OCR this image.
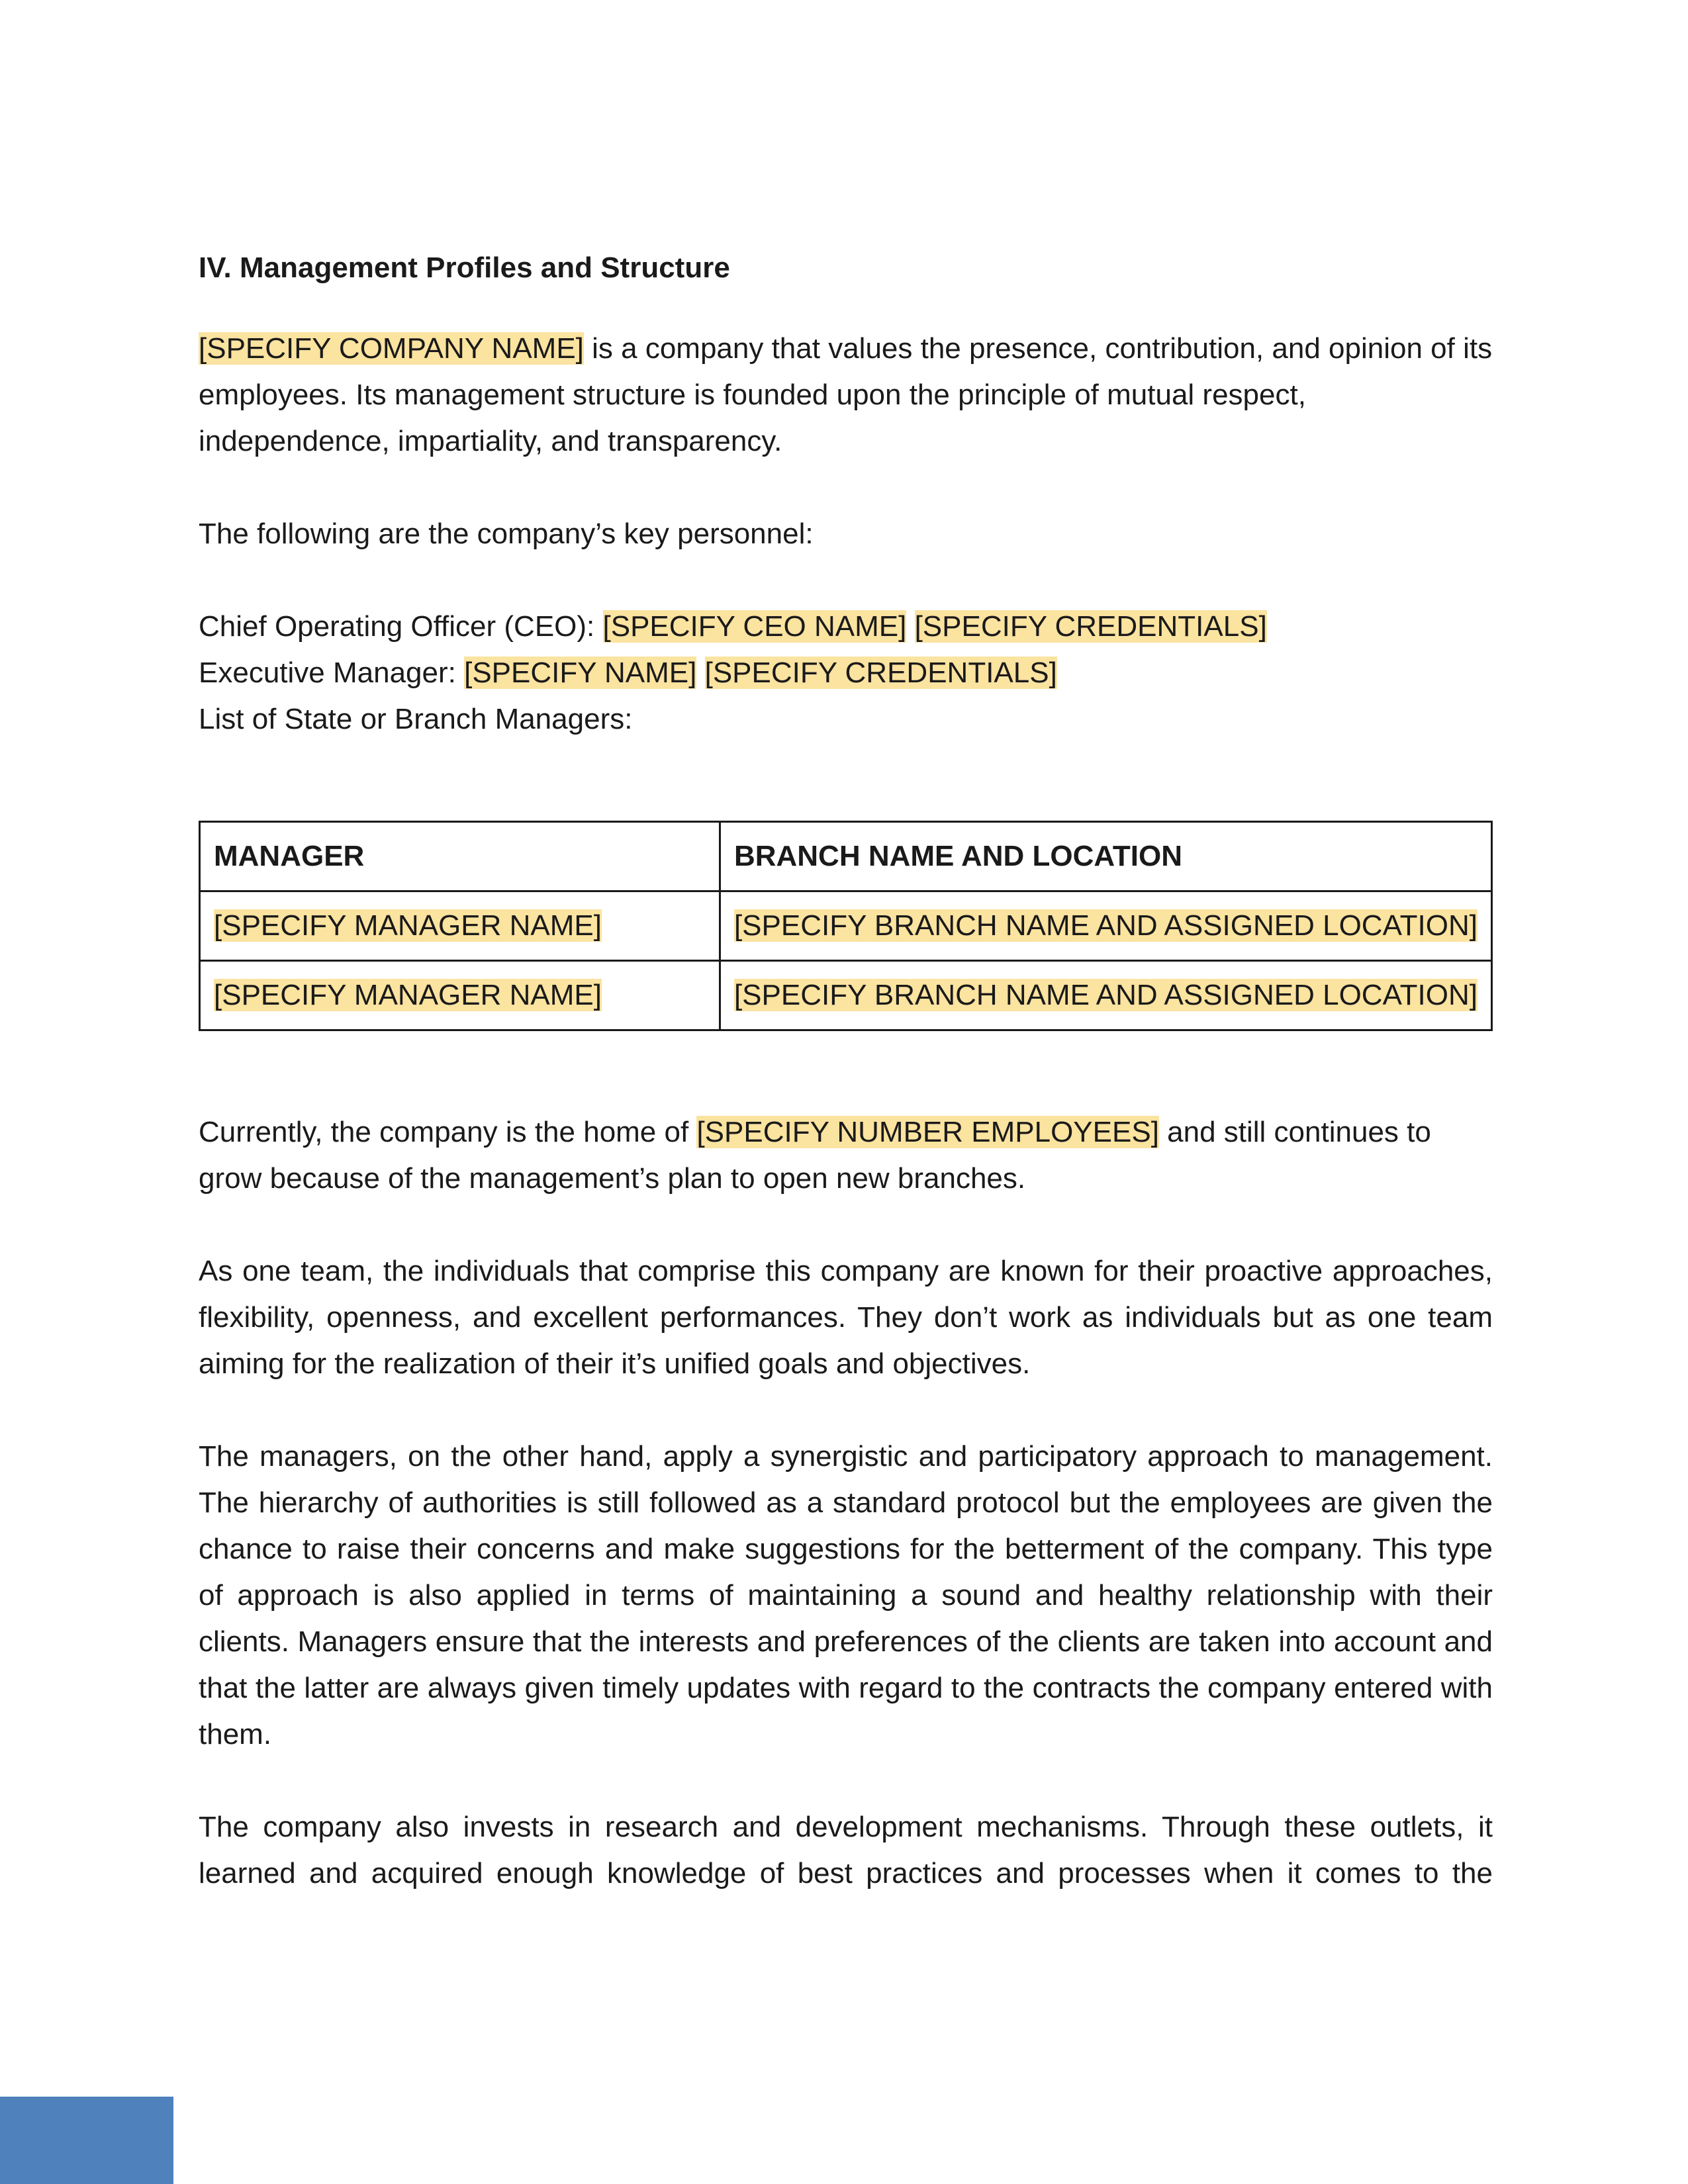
IV. Management Profiles and Structure

[SPECIFY COMPANY NAME] is a company that values the presence, contribution, and opinion of its employees. Its management structure is founded upon the principle of mutual respect, independence, impartiality, and transparency.

The following are the company’s key personnel:

Chief Operating Officer (CEO): [SPECIFY CEO NAME] [SPECIFY CREDENTIALS]
Executive Manager: [SPECIFY NAME] [SPECIFY CREDENTIALS]
List of State or Branch Managers:
MANAGER	BRANCH NAME AND LOCATION
[SPECIFY MANAGER NAME]	[SPECIFY BRANCH NAME AND ASSIGNED LOCATION]
[SPECIFY MANAGER NAME]	[SPECIFY BRANCH NAME AND ASSIGNED LOCATION]

Currently, the company is the home of [SPECIFY NUMBER EMPLOYEES] and still continues to grow because of the management’s plan to open new branches.

As one team, the individuals that comprise this company are known for their proactive approaches, flexibility, openness, and excellent performances. They don’t work as individuals but as one team aiming for the realization of their it’s unified goals and objectives.

The managers, on the other hand, apply a synergistic and participatory approach to management. The hierarchy of authorities is still followed as a standard protocol but the employees are given the chance to raise their concerns and make suggestions for the betterment of the company. This type of approach is also applied in terms of maintaining a sound and healthy relationship with their clients. Managers ensure that the interests and preferences of the clients are taken into account and that the latter are always given timely updates with regard to the contracts the company entered with them.

The company also invests in research and development mechanisms. Through these outlets, it learned and acquired enough knowledge of best practices and processes when it comes to the
